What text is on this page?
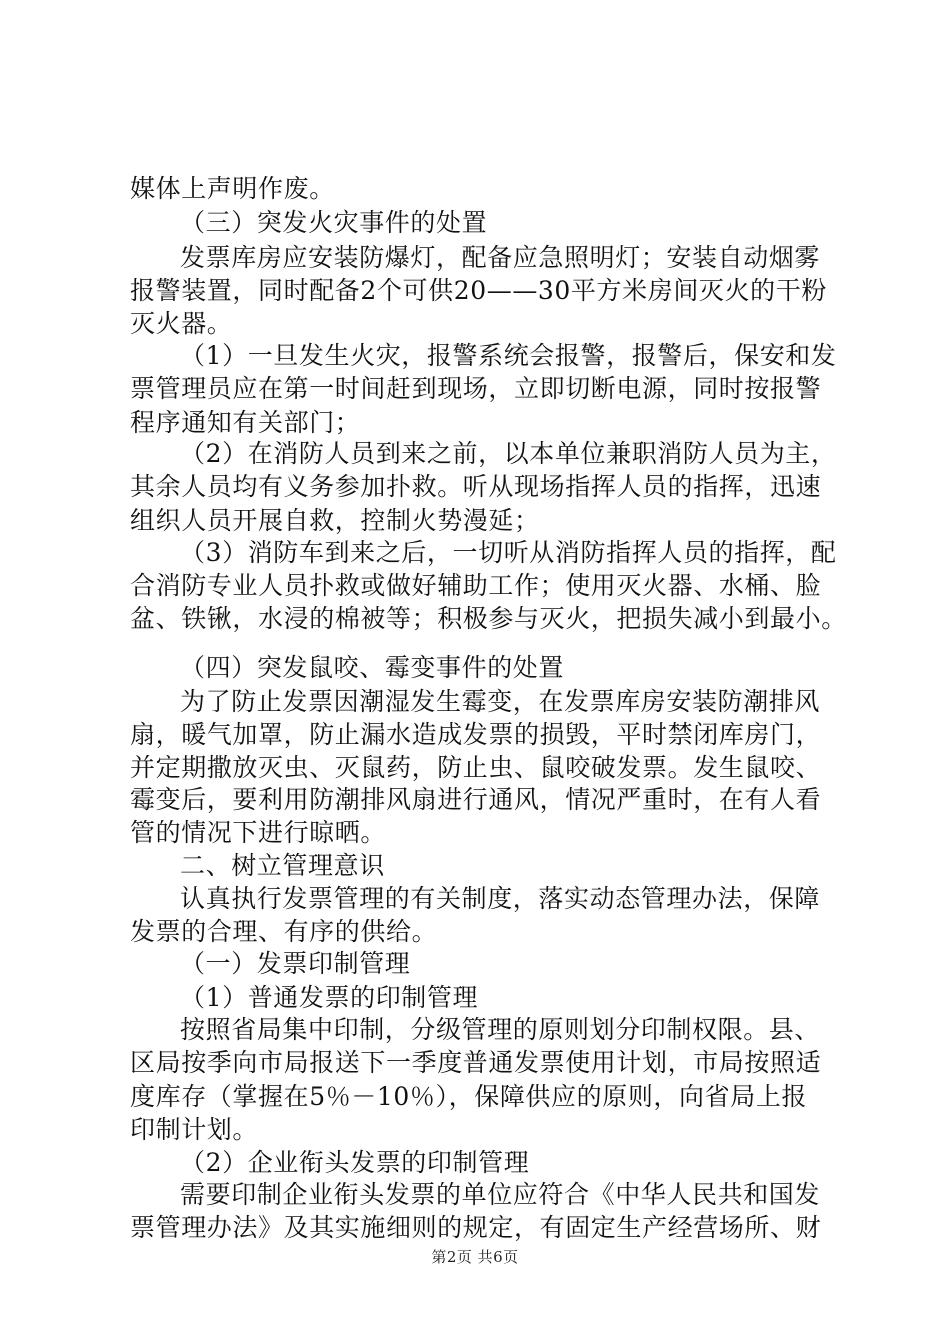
媒体上声明作废。
（三）突发火灾事件的处置
发票库房应安装防爆灯，配备应急照明灯；安装自动烟雾
报警装置，同时配备2个可供20——30平方米房间灭火的干粉
灭火器。
（1）一旦发生火灾，报警系统会报警，报警后，保安和发
票管理员应在第一时间赶到现场，立即切断电源，同时按报警
程序通知有关部门；
（2）在消防人员到来之前，以本单位兼职消防人员为主，
其余人员均有义务参加扑救。听从现场指挥人员的指挥，迅速
组织人员开展自救，控制火势漫延；
（3）消防车到来之后，一切听从消防指挥人员的指挥，配
合消防专业人员扑救或做好辅助工作；使用灭火器、水桶、脸
盆、铁锹，水浸的棉被等；积极参与灭火，把损失减小到最小。
（四）突发鼠咬、霉变事件的处置
为了防止发票因潮湿发生霉变，在发票库房安装防潮排风
扇，暖气加罩，防止漏水造成发票的损毁，平时禁闭库房门，
并定期撒放灭虫、灭鼠药，防止虫、鼠咬破发票。发生鼠咬、
霉变后，要利用防潮排风扇进行通风，情况严重时，在有人看
管的情况下进行晾晒。
二、树立管理意识
认真执行发票管理的有关制度，落实动态管理办法，保障
发票的合理、有序的供给。
（一）发票印制管理
（1）普通发票的印制管理
按照省局集中印制，分级管理的原则划分印制权限。县、
区局按季向市局报送下一季度普通发票使用计划，市局按照适
度库存（掌握在5％－10％），保障供应的原则，向省局上报
印制计划。
（2）企业衔头发票的印制管理
需要印制企业衔头发票的单位应符合《中华人民共和国发
票管理办法》及其实施细则的规定，有固定生产经营场所、财
第2页 共6页
